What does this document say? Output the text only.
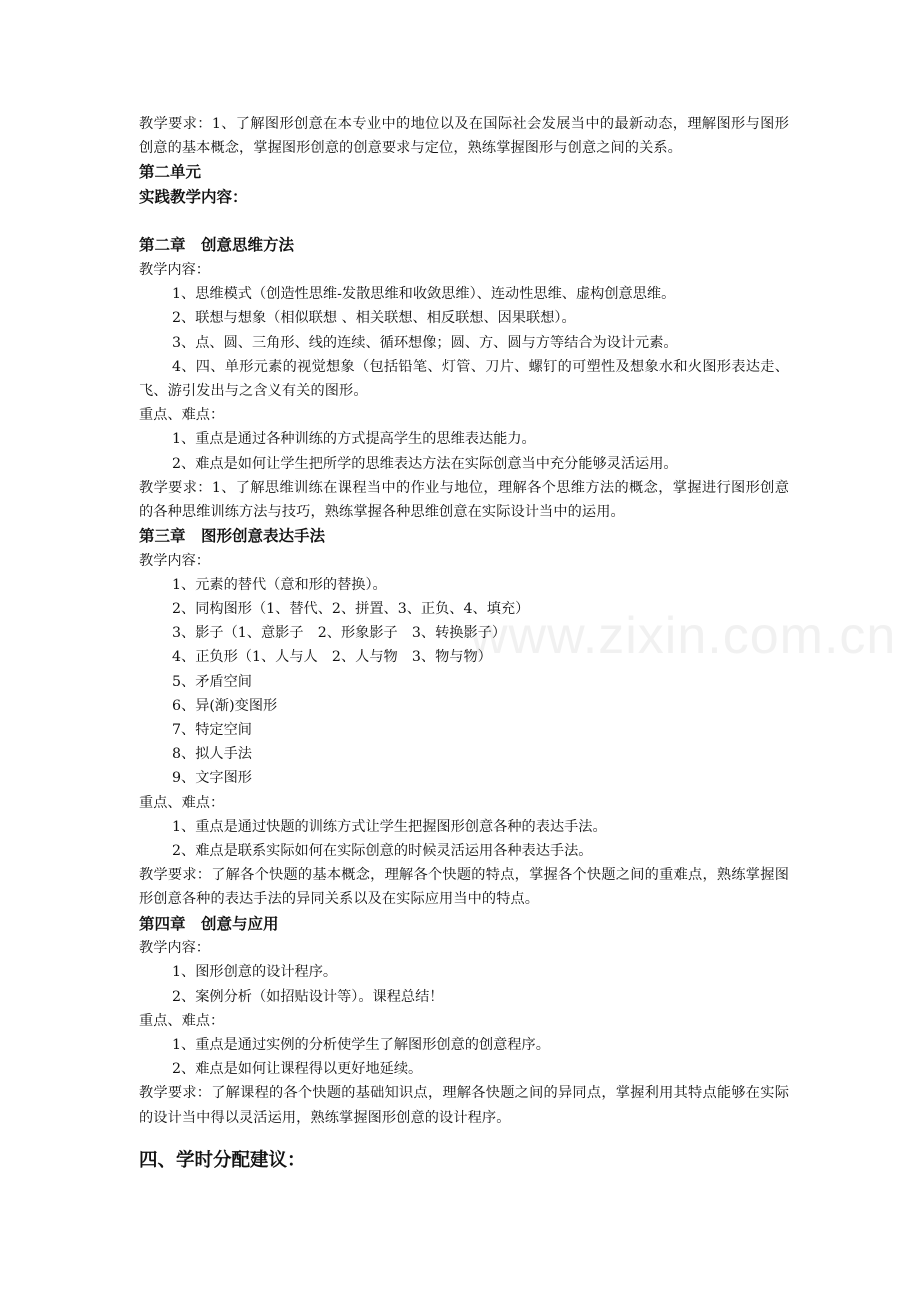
www.zixin.com.cn

教学要求：1、了解图形创意在本专业中的地位以及在国际社会发展当中的最新动态，理解图形与图形创意的基本概念，掌握图形创意的创意要求与定位，熟练掌握图形与创意之间的关系。

第二单元

实践教学内容：

第二章　创意思维方法

教学内容：

1、思维模式（创造性思维-发散思维和收敛思维）、连动性思维、虚构创意思维。

2、联想与想象（相似联想 、相关联想、相反联想、因果联想）。

3、点、圆、三角形、线的连续、循环想像；圆、方、圆与方等结合为设计元素。

4、四、单形元素的视觉想象（包括铅笔、灯管、刀片、螺钉的可塑性及想象水和火图形表达走、飞、游引发出与之含义有关的图形。

重点、难点：

1、重点是通过各种训练的方式提高学生的思维表达能力。

2、难点是如何让学生把所学的思维表达方法在实际创意当中充分能够灵活运用。

教学要求：1、了解思维训练在课程当中的作业与地位，理解各个思维方法的概念，掌握进行图形创意的各种思维训练方法与技巧，熟练掌握各种思维创意在实际设计当中的运用。

第三章　图形创意表达手法

教学内容：

1、元素的替代（意和形的替换）。

2、同构图形（1、替代、2、拼置、3、正负、4、填充）

3、影子（1、意影子　2、形象影子　3、转换影子）

4、正负形（1、人与人　2、人与物　3、物与物）

5、矛盾空间

6、异(渐)变图形

7、特定空间

8、拟人手法

9、文字图形

重点、难点：

1、重点是通过快题的训练方式让学生把握图形创意各种的表达手法。

2、难点是联系实际如何在实际创意的时候灵活运用各种表达手法。

教学要求：了解各个快题的基本概念，理解各个快题的特点，掌握各个快题之间的重难点，熟练掌握图形创意各种的表达手法的异同关系以及在实际应用当中的特点。

第四章　创意与应用

教学内容：

1、图形创意的设计程序。

2、案例分析（如招贴设计等）。课程总结！

重点、难点：

1、重点是通过实例的分析使学生了解图形创意的创意程序。

2、难点是如何让课程得以更好地延续。

教学要求：了解课程的各个快题的基础知识点，理解各快题之间的异同点，掌握利用其特点能够在实际的设计当中得以灵活运用，熟练掌握图形创意的设计程序。

四、学时分配建议：
